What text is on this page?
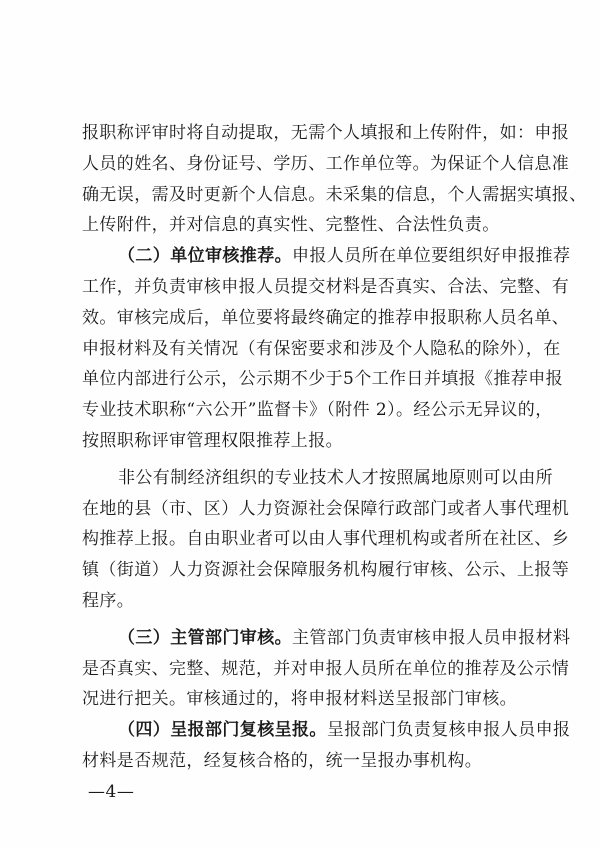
报职称评审时将自动提取，无需个人填报和上传附件，如：申报
人员的姓名、身份证号、学历、工作单位等。为保证个人信息准
确无误，需及时更新个人信息。未采集的信息，个人需据实填报、
上传附件，并对信息的真实性、完整性、合法性负责。
（二）单位审核推荐。申报人员所在单位要组织好申报推荐
工作，并负责审核申报人员提交材料是否真实、合法、完整、有
效。审核完成后，单位要将最终确定的推荐申报职称人员名单、
申报材料及有关情况（有保密要求和涉及个人隐私的除外），在
单位内部进行公示，公示期不少于5个工作日并填报《推荐申报
专业技术职称“六公开”监督卡》（附件 2）。经公示无异议的，
按照职称评审管理权限推荐上报。
非公有制经济组织的专业技术人才按照属地原则可以由所
在地的县（市、区）人力资源社会保障行政部门或者人事代理机
构推荐上报。自由职业者可以由人事代理机构或者所在社区、乡
镇（街道）人力资源社会保障服务机构履行审核、公示、上报等
程序。
（三）主管部门审核。主管部门负责审核申报人员申报材料
是否真实、完整、规范，并对申报人员所在单位的推荐及公示情
况进行把关。审核通过的，将申报材料送呈报部门审核。
（四）呈报部门复核呈报。呈报部门负责复核申报人员申报
材料是否规范，经复核合格的，统一呈报办事机构。
—4—
